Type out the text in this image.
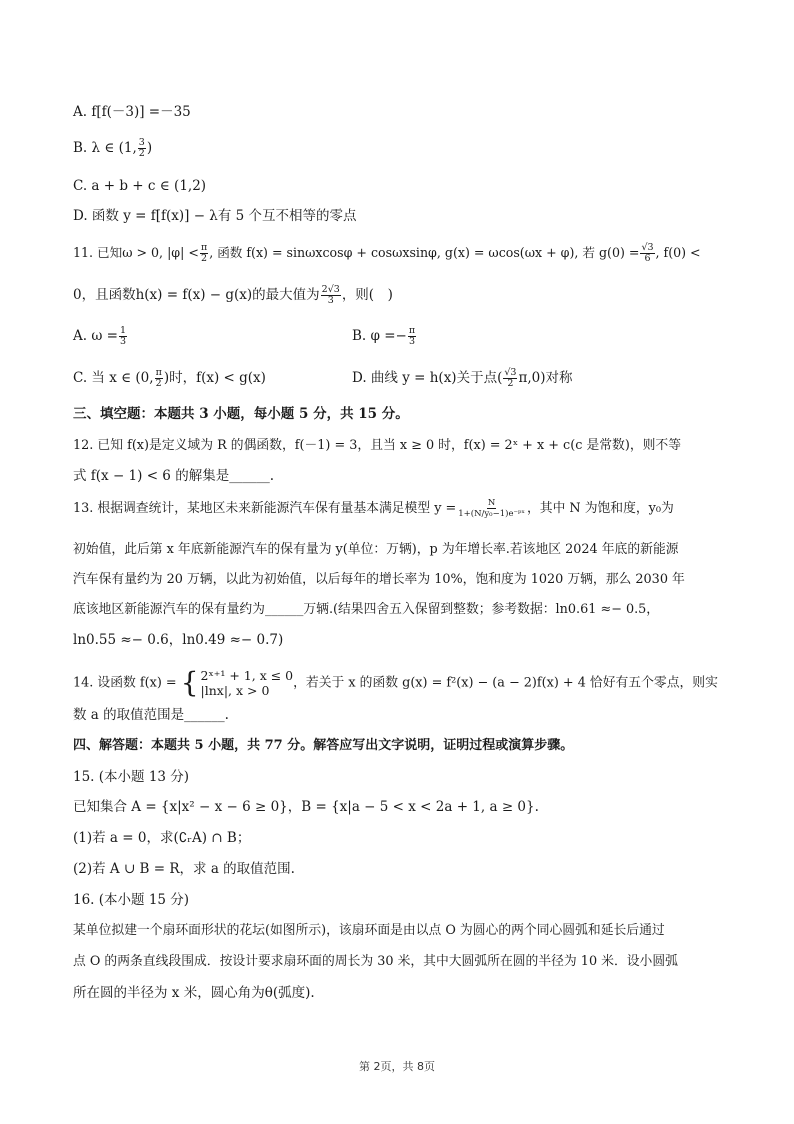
A. f[f(－3)] =－35
B. λ ∈ (1, $\frac{3}{2}$ )
C. a + b + c ∈ (1,2)
D. 函数 y = f[f(x)] − λ有 5 个互不相等的零点
11. 已知ω > 0, $|\varphi| < \frac{\pi}{2}$ , 函数 f(x) = sinωxcosφ + cosωxsinφ, g(x) = ωcos(ωx + φ), 若 $g(0) = \frac{√3}{6}$ , f(0) <
0，且函数h(x) = f(x) − g(x)的最大值为 $\frac{2√3}{3}$ ，则(　)
A. $\omega = \frac{1}{3}$	B. $\varphi =- \frac{\pi}{3}$
C. 当 x ∈ (0, $\frac{\pi}{2}$ )时，f(x) < g(x)	D. 曲线 y = h(x)关于点( $\frac{√3}{2} \pi,0$)对称
三、填空题：本题共 3 小题，每小题 5 分，共 15 分。
12. 已知 f(x)是定义域为 R 的偶函数，f(－1) = 3，且当 x ≥ 0 时，f(x) = 2ˣ + x + c(c 是常数)，则不等
式 f(x − 1) < 6 的解集是______.
13. 根据调查统计，某地区未来新能源汽车保有量基本满足模型 $y = \frac{N}{\text{1+(N/y₀−1)e⁻ᵖˣ}}$ ，其中 N 为饱和度，y₀为
初始值，此后第 x 年底新能源汽车的保有量为 y(单位：万辆)，p 为年增长率.若该地区 2024 年底的新能源
汽车保有量约为 20 万辆，以此为初始值，以后每年的增长率为 10%，饱和度为 1020 万辆，那么 2030 年
底该地区新能源汽车的保有量约为______万辆.(结果四舍五入保留到整数；参考数据：ln0.61 ≈− 0.5，
ln0.55 ≈− 0.6，ln0.49 ≈− 0.7)
14. 设函数 f(x) = { 2ˣ⁺¹ + 1, x ≤ 0
|lnx|, x > 0	，若关于 x 的函数 g(x) = f²(x) − (a − 2)f(x) + 4 恰好有五个零点，则实
数 a 的取值范围是______.
四、解答题：本题共 5 小题，共 77 分。解答应写出文字说明，证明过程或演算步骤。
15. (本小题 13 分)
已知集合 A = {x|x² − x − 6 ≥ 0}，B = {x|a − 5 < x < 2a + 1, a ≥ 0}.
(1)若 a = 0，求(∁ᵣA) ∩ B；
(2)若 A ∪ B = R，求 a 的取值范围.
16. (本小题 15 分)
某单位拟建一个扇环面形状的花坛(如图所示)，该扇环面是由以点 O 为圆心的两个同心圆弧和延长后通过
点 O 的两条直线段围成．按设计要求扇环面的周长为 30 米，其中大圆弧所在圆的半径为 10 米．设小圆弧
所在圆的半径为 x 米，圆心角为θ(弧度).
第 2页，共 8页
